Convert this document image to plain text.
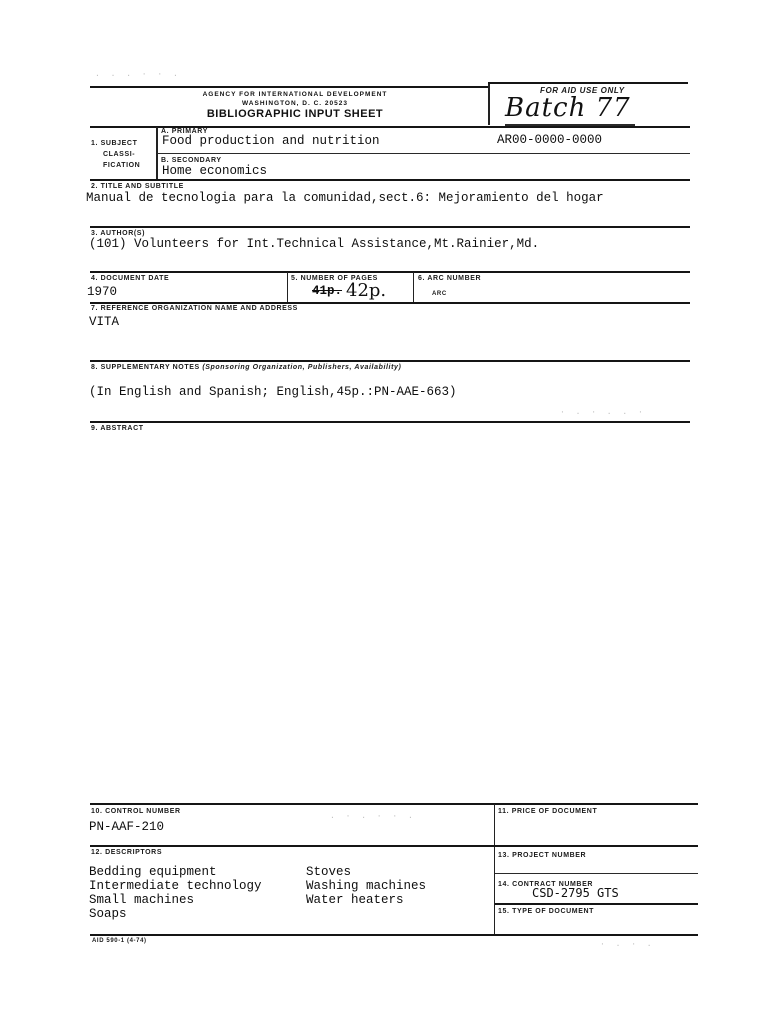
AGENCY FOR INTERNATIONAL DEVELOPMENT
WASHINGTON, D. C. 20523
BIBLIOGRAPHIC INPUT SHEET
FOR AID USE ONLY
Batch 77
1. SUBJECT
CLASSI-
FICATION
A. PRIMARY
Food production and nutrition	AR00-0000-0000
B. SECONDARY
Home economics
2. TITLE AND SUBTITLE
Manual de tecnologia para la comunidad,sect.6: Mejoramiento del hogar
3. AUTHOR(S)
(101) Volunteers for Int.Technical Assistance,Mt.Rainier,Md.
4. DOCUMENT DATE
1970
5. NUMBER OF PAGES
41p. 42p.
6. ARC NUMBER
ARC
7. REFERENCE ORGANIZATION NAME AND ADDRESS
VITA
8. SUPPLEMENTARY NOTES (Sponsoring Organization, Publishers, Availability)
(In English and Spanish; English,45p.:PN-AAE-663)
9. ABSTRACT
. . . · · .
· . · . . ·
. · . · · .
· . · .
10. CONTROL NUMBER
PN-AAF-210
11. PRICE OF DOCUMENT
12. DESCRIPTORS
Bedding equipment
Intermediate technology
Small machines
Soaps
Stoves
Washing machines
Water heaters
13. PROJECT NUMBER
14. CONTRACT NUMBER
CSD-2795 GTS
15. TYPE OF DOCUMENT
AID 590-1 (4-74)
